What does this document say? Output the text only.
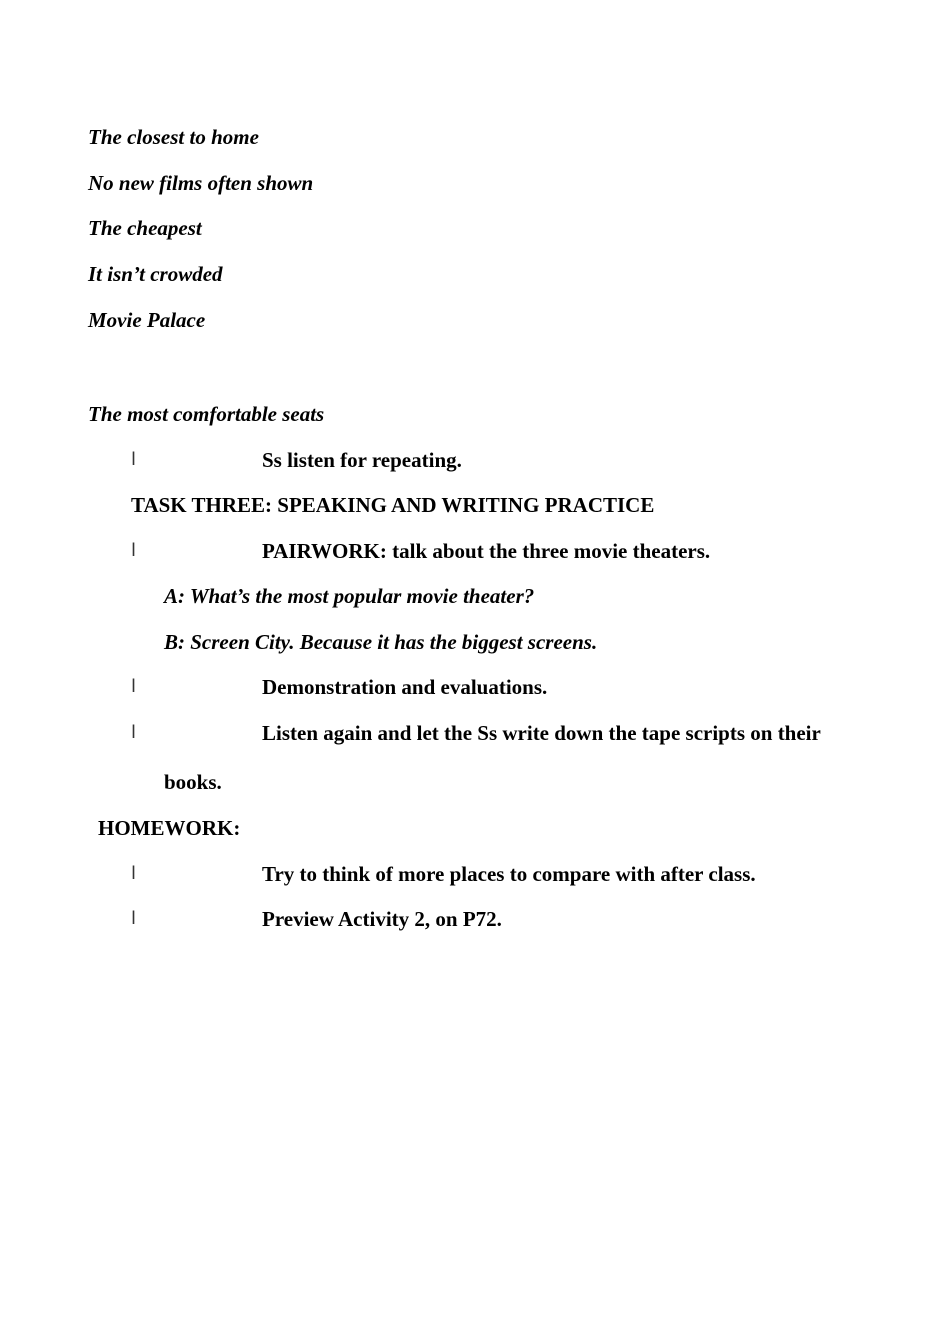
The closest to home
No new films often shown
The cheapest
It isn’t crowded
Movie Palace
The most comfortable seats
l	Ss listen for repeating.
TASK THREE: SPEAKING AND WRITING PRACTICE
l	PAIRWORK: talk about the three movie theaters.
A: What’s the most popular movie theater?
B: Screen City. Because it has the biggest screens.
l	Demonstration and evaluations.
l	Listen again and let the Ss write down the tape scripts on their
books.
HOMEWORK:
l	Try to think of more places to compare with after class.
l	Preview Activity 2, on P72.
